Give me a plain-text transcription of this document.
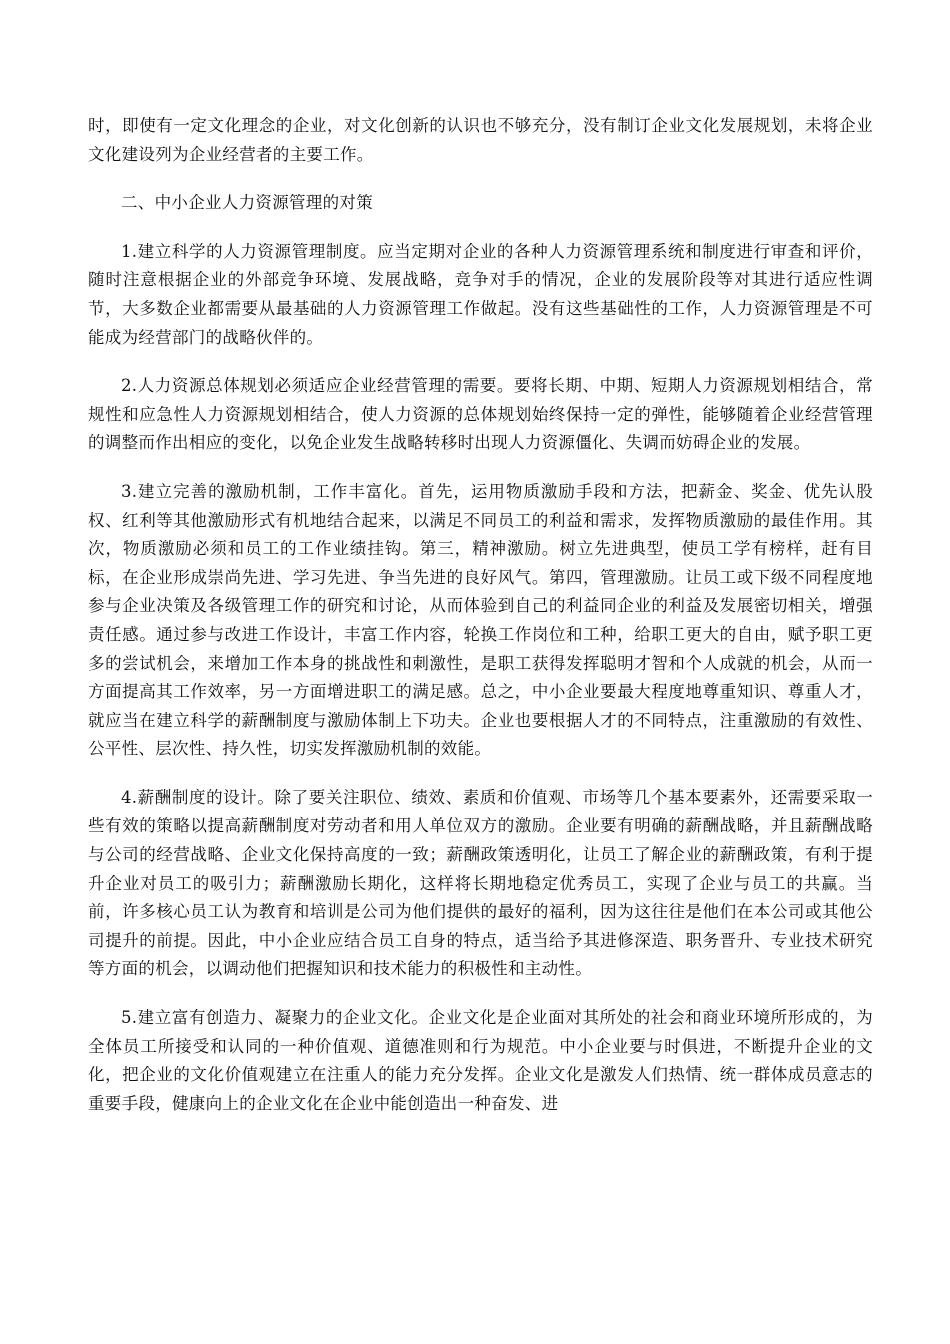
时，即使有一定文化理念的企业，对文化创新的认识也不够充分，没有制订企业文化发展规划，未将企业文化建设列为企业经营者的主要工作。

二、中小企业人力资源管理的对策

1.建立科学的人力资源管理制度。应当定期对企业的各种人力资源管理系统和制度进行审查和评价，随时注意根据企业的外部竞争环境、发展战略，竞争对手的情况，企业的发展阶段等对其进行适应性调节，大多数企业都需要从最基础的人力资源管理工作做起。没有这些基础性的工作，人力资源管理是不可能成为经营部门的战略伙伴的。

2.人力资源总体规划必须适应企业经营管理的需要。要将长期、中期、短期人力资源规划相结合，常规性和应急性人力资源规划相结合，使人力资源的总体规划始终保持一定的弹性，能够随着企业经营管理的调整而作出相应的变化，以免企业发生战略转移时出现人力资源僵化、失调而妨碍企业的发展。

3.建立完善的激励机制，工作丰富化。首先，运用物质激励手段和方法，把薪金、奖金、优先认股权、红利等其他激励形式有机地结合起来，以满足不同员工的利益和需求，发挥物质激励的最佳作用。其次，物质激励必须和员工的工作业绩挂钩。第三，精神激励。树立先进典型，使员工学有榜样，赶有目标，在企业形成崇尚先进、学习先进、争当先进的良好风气。第四，管理激励。让员工或下级不同程度地参与企业决策及各级管理工作的研究和讨论，从而体验到自己的利益同企业的利益及发展密切相关，增强责任感。通过参与改进工作设计，丰富工作内容，轮换工作岗位和工种，给职工更大的自由，赋予职工更多的尝试机会，来增加工作本身的挑战性和刺激性，是职工获得发挥聪明才智和个人成就的机会，从而一方面提高其工作效率，另一方面增进职工的满足感。总之，中小企业要最大程度地尊重知识、尊重人才，就应当在建立科学的薪酬制度与激励体制上下功夫。企业也要根据人才的不同特点，注重激励的有效性、公平性、层次性、持久性，切实发挥激励机制的效能。

4.薪酬制度的设计。除了要关注职位、绩效、素质和价值观、市场等几个基本要素外，还需要采取一些有效的策略以提高薪酬制度对劳动者和用人单位双方的激励。企业要有明确的薪酬战略，并且薪酬战略与公司的经营战略、企业文化保持高度的一致；薪酬政策透明化，让员工了解企业的薪酬政策，有利于提升企业对员工的吸引力；薪酬激励长期化，这样将长期地稳定优秀员工，实现了企业与员工的共赢。当前，许多核心员工认为教育和培训是公司为他们提供的最好的福利，因为这往往是他们在本公司或其他公司提升的前提。因此，中小企业应结合员工自身的特点，适当给予其进修深造、职务晋升、专业技术研究等方面的机会，以调动他们把握知识和技术能力的积极性和主动性。

5.建立富有创造力、凝聚力的企业文化。企业文化是企业面对其所处的社会和商业环境所形成的，为全体员工所接受和认同的一种价值观、道德准则和行为规范。中小企业要与时俱进，不断提升企业的文化，把企业的文化价值观建立在注重人的能力充分发挥。企业文化是激发人们热情、统一群体成员意志的重要手段，健康向上的企业文化在企业中能创造出一种奋发、进
